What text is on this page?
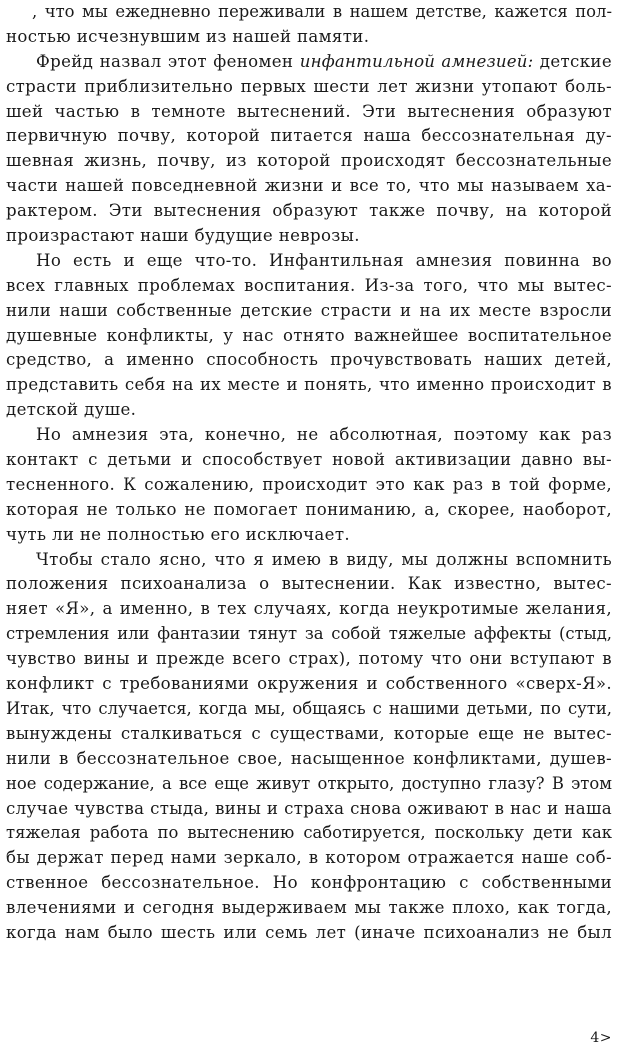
, что мы ежедневно переживали в нашем детстве, кажется пол-
ностью исчезнувшим из нашей памяти.
Фрейд назвал этот феномен инфантильной амнезией: детские
страсти приблизительно первых шести лет жизни утопают боль-
шей частью в темноте вытеснений. Эти вытеснения образуют
первичную почву, которой питается наша бессознательная ду-
шевная жизнь, почву, из которой происходят бессознательные
части нашей повседневной жизни и все то, что мы называем ха-
рактером. Эти вытеснения образуют также почву, на которой
произрастают наши будущие неврозы.
Но есть и еще что-то. Инфантильная амнезия повинна во
всех главных проблемах воспитания. Из-за того, что мы вытес-
нили наши собственные детские страсти и на их месте взросли
душевные конфликты, у нас отнято важнейшее воспитательное
средство, а именно способность прочувствовать наших детей,
представить себя на их месте и понять, что именно происходит в
детской душе.
Но амнезия эта, конечно, не абсолютная, поэтому как раз
контакт с детьми и способствует новой активизации давно вы-
тесненного. К сожалению, происходит это как раз в той форме,
которая не только не помогает пониманию, а, скорее, наоборот,
чуть ли не полностью его исключает.
Чтобы стало ясно, что я имею в виду, мы должны вспомнить
положения психоанализа о вытеснении. Как известно, вытес-
няет «Я», а именно, в тех случаях, когда неукротимые желания,
стремления или фантазии тянут за собой тяжелые аффекты (стыд,
чувство вины и прежде всего страх), потому что они вступают в
конфликт с требованиями окружения и собственного «сверх-Я».
Итак, что случается, когда мы, общаясь с нашими детьми, по сути,
вынуждены сталкиваться с существами, которые еще не вытес-
нили в бессознательное свое, насыщенное конфликтами, душев-
ное содержание, а все еще живут открыто, доступно глазу? В этом
случае чувства стыда, вины и страха снова оживают в нас и наша
тяжелая работа по вытеснению саботируется, поскольку дети как
бы держат перед нами зеркало, в котором отражается наше соб-
ственное бессознательное. Но конфронтацию с собственными
влечениями и сегодня выдерживаем мы также плохо, как тогда,
когда нам было шесть или семь лет (иначе психоанализ не был
4>
